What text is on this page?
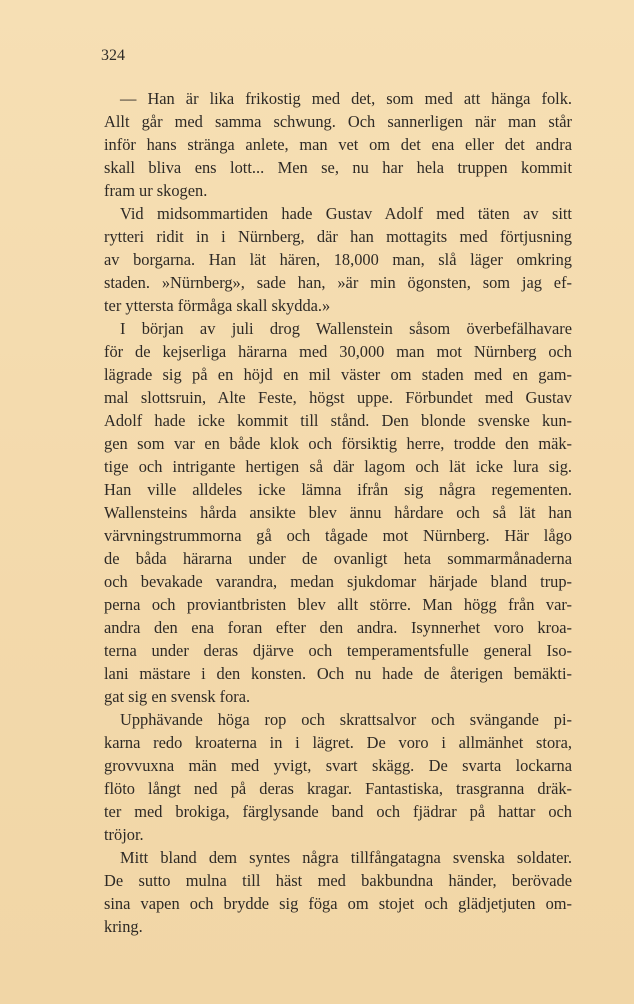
324
— Han är lika frikostig med det, som med att hänga folk.
Allt går med samma schwung. Och sannerligen när man står
inför hans stränga anlete, man vet om det ena eller det andra
skall bliva ens lott... Men se, nu har hela truppen kommit
fram ur skogen.
Vid midsommartiden hade Gustav Adolf med täten av sitt
rytteri ridit in i Nürnberg, där han mottagits med förtjusning
av borgarna. Han lät hären, 18,000 man, slå läger omkring
staden. »Nürnberg», sade han, »är min ögonsten, som jag ef-
ter yttersta förmåga skall skydda.»
I början av juli drog Wallenstein såsom överbefälhavare
för de kejserliga härarna med 30,000 man mot Nürnberg och
lägrade sig på en höjd en mil väster om staden med en gam-
mal slottsruin, Alte Feste, högst uppe. Förbundet med Gustav
Adolf hade icke kommit till stånd. Den blonde svenske kun-
gen som var en både klok och försiktig herre, trodde den mäk-
tige och intrigante hertigen så där lagom och lät icke lura sig.
Han ville alldeles icke lämna ifrån sig några regementen.
Wallensteins hårda ansikte blev ännu hårdare och så lät han
värvningstrummorna gå och tågade mot Nürnberg. Här lågo
de båda härarna under de ovanligt heta sommarmånaderna
och bevakade varandra, medan sjukdomar härjade bland trup-
perna och proviantbristen blev allt större. Man högg från var-
andra den ena foran efter den andra. Isynnerhet voro kroa-
terna under deras djärve och temperamentsfulle general Iso-
lani mästare i den konsten. Och nu hade de återigen bemäkti-
gat sig en svensk fora.
Upphävande höga rop och skrattsalvor och svängande pi-
karna redo kroaterna in i lägret. De voro i allmänhet stora,
grovvuxna män med yvigt, svart skägg. De svarta lockarna
flöto långt ned på deras kragar. Fantastiska, trasgranna dräk-
ter med brokiga, färglysande band och fjädrar på hattar och
tröjor.
Mitt bland dem syntes några tillfångatagna svenska soldater.
De sutto mulna till häst med bakbundna händer, berövade
sina vapen och brydde sig föga om stojet och glädjetjuten om-
kring.
